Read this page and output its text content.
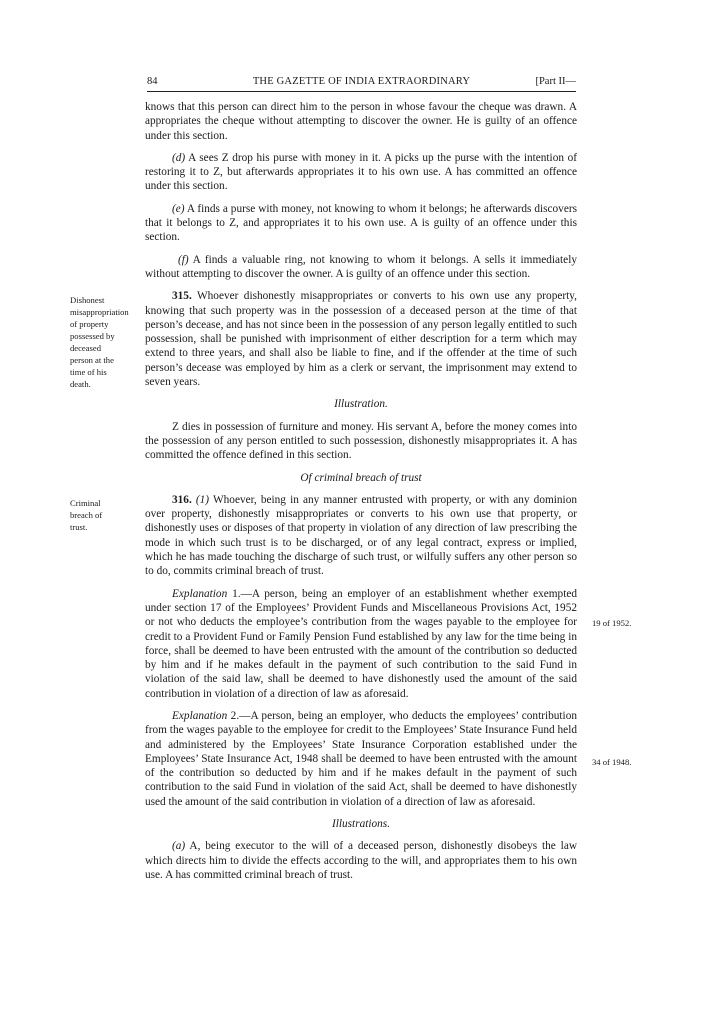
84	THE GAZETTE OF INDIA EXTRAORDINARY	[Part II—

knows that this person can direct him to the person in whose favour the cheque was drawn. A appropriates the cheque without attempting to discover the owner. He is guilty of an offence under this section.

(d) A sees Z drop his purse with money in it. A picks up the purse with the intention of restoring it to Z, but afterwards appropriates it to his own use. A has committed an offence under this section.

(e) A finds a purse with money, not knowing to whom it belongs; he afterwards discovers that it belongs to Z, and appropriates it to his own use. A is guilty of an offence under this section.

(f) A finds a valuable ring, not knowing to whom it belongs. A sells it immediately without attempting to discover the owner. A is guilty of an offence under this section.

315. Whoever dishonestly misappropriates or converts to his own use any property, knowing that such property was in the possession of a deceased person at the time of that person’s decease, and has not since been in the possession of any person legally entitled to such possession, shall be punished with imprisonment of either description for a term which may extend to three years, and shall also be liable to fine, and if the offender at the time of such person’s decease was employed by him as a clerk or servant, the imprisonment may extend to seven years.

Illustration.

Z dies in possession of furniture and money. His servant A, before the money comes into the possession of any person entitled to such possession, dishonestly misappropriates it. A has committed the offence defined in this section.

Of criminal breach of trust

316. (1) Whoever, being in any manner entrusted with property, or with any dominion over property, dishonestly misappropriates or converts to his own use that property, or dishonestly uses or disposes of that property in violation of any direction of law prescribing the mode in which such trust is to be discharged, or of any legal contract, express or implied, which he has made touching the discharge of such trust, or wilfully suffers any other person so to do, commits criminal breach of trust.

Explanation 1.—A person, being an employer of an establishment whether exempted under section 17 of the Employees’ Provident Funds and Miscellaneous Provisions Act, 1952 or not who deducts the employee’s contribution from the wages payable to the employee for credit to a Provident Fund or Family Pension Fund established by any law for the time being in force, shall be deemed to have been entrusted with the amount of the contribution so deducted by him and if he makes default in the payment of such contribution to the said Fund in violation of the said law, shall be deemed to have dishonestly used the amount of the said contribution in violation of a direction of law as aforesaid.

Explanation 2.—A person, being an employer, who deducts the employees’ contribution from the wages payable to the employee for credit to the Employees’ State Insurance Fund held and administered by the Employees’ State Insurance Corporation established under the Employees’ State Insurance Act, 1948 shall be deemed to have been entrusted with the amount of the contribution so deducted by him and if he makes default in the payment of such contribution to the said Fund in violation of the said Act, shall be deemed to have dishonestly used the amount of the said contribution in violation of a direction of law as aforesaid.

Illustrations.

(a) A, being executor to the will of a deceased person, dishonestly disobeys the law which directs him to divide the effects according to the will, and appropriates them to his own use. A has committed criminal breach of trust.

Dishonest

misappropriation

of property

possessed by

deceased

person at the

time of his

death.

Criminal

breach of

trust.

19 of 1952.
34 of 1948.
